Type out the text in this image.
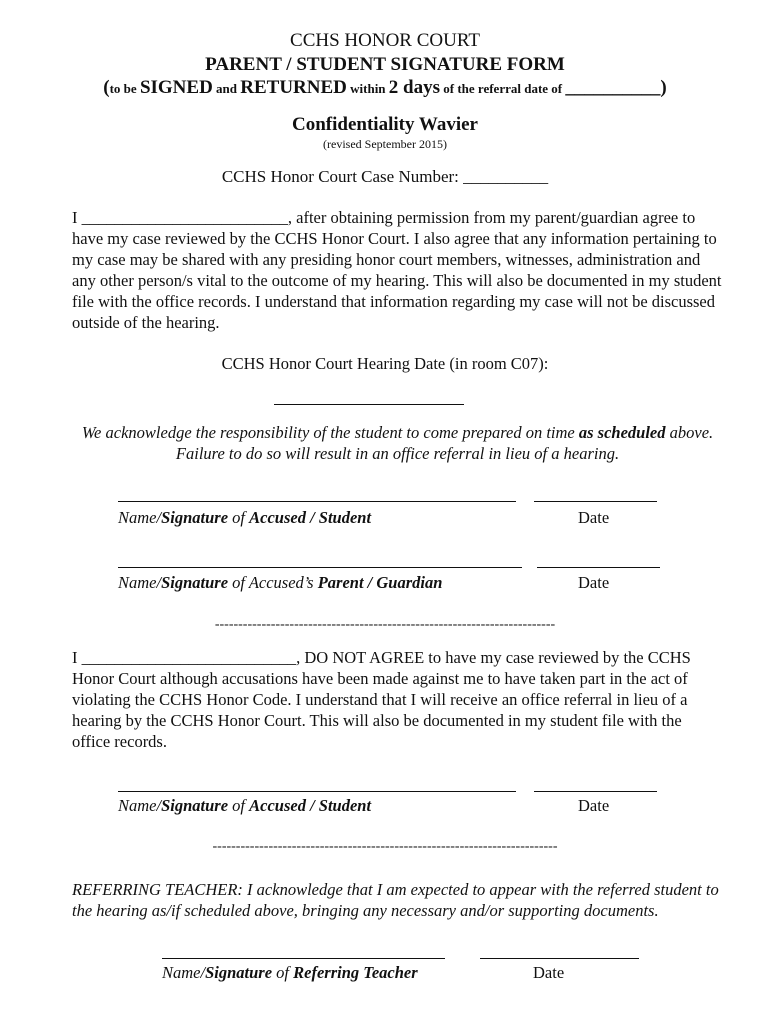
CCHS HONOR COURT
PARENT / STUDENT SIGNATURE FORM
(to be SIGNED and RETURNED within 2 days of the referral date of __________)
Confidentiality Wavier
(revised September 2015)
CCHS Honor Court Case Number: __________
I _________________________, after obtaining permission from my parent/guardian agree to have my case reviewed by the CCHS Honor Court. I also agree that any information pertaining to my case may be shared with any presiding honor court members, witnesses, administration and any other person/s vital to the outcome of my hearing. This will also be documented in my student file with the office records. I understand that information regarding my case will not be discussed outside of the hearing.
CCHS Honor Court Hearing Date (in room C07):
We acknowledge the responsibility of the student to come prepared on time as scheduled above. Failure to do so will result in an office referral in lieu of a hearing.
Name/Signature of Accused / Student	Date
Name/Signature of Accused’s Parent / Guardian	Date
-------------------------------------------------------------------------
I __________________________, DO NOT AGREE to have my case reviewed by the CCHS Honor Court although accusations have been made against me to have taken part in the act of violating the CCHS Honor Code. I understand that I will receive an office referral in lieu of a hearing by the CCHS Honor Court. This will also be documented in my student file with the office records.
Name/Signature of Accused / Student	Date
--------------------------------------------------------------------------
REFERRING TEACHER: I acknowledge that I am expected to appear with the referred student to the hearing as/if scheduled above, bringing any necessary and/or supporting documents.
Name/Signature of Referring Teacher	Date
